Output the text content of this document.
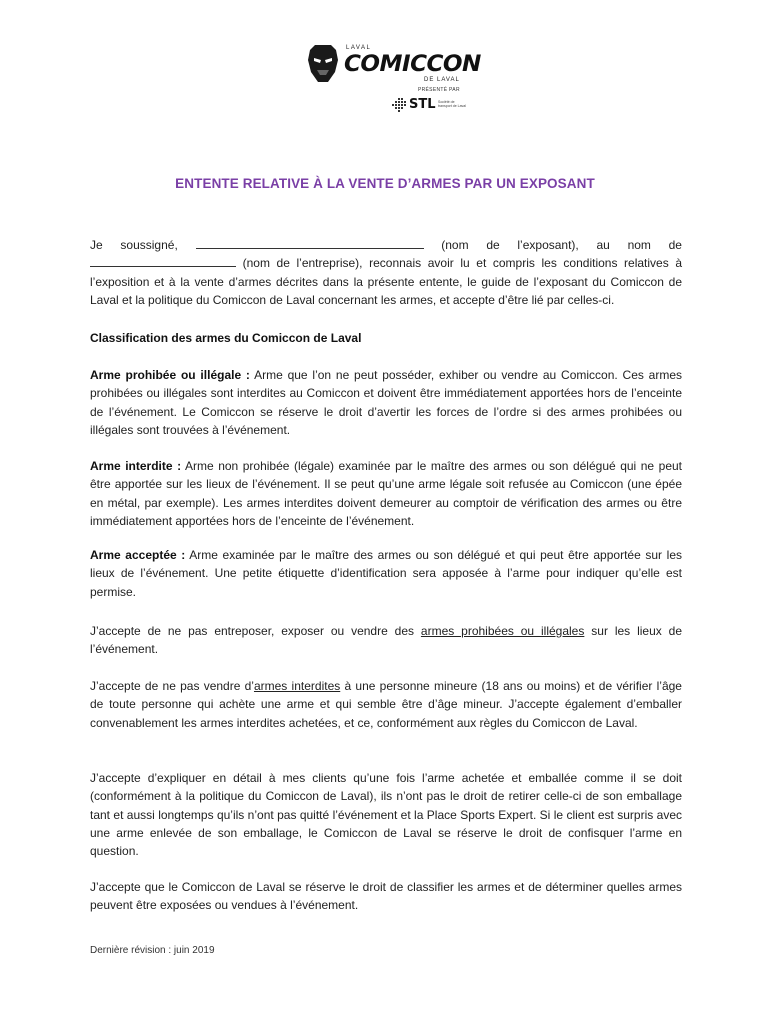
LAVAL
COMICCON
DE LAVAL
PRÉSENTÉ PAR
STL Société de transport de Laval
ENTENTE RELATIVE À LA VENTE D’ARMES PAR UN EXPOSANT
Je soussigné,	(nom de l’exposant), au nom de
(nom de l’entreprise), reconnais avoir lu et compris les conditions relatives à l’exposition et à la vente d’armes décrites dans la présente entente, le guide de l’exposant du Comiccon de Laval et la politique du Comiccon de Laval concernant les armes, et accepte d’être lié par celles-ci.
Classification des armes du Comiccon de Laval
Arme prohibée ou illégale : Arme que l’on ne peut posséder, exhiber ou vendre au Comiccon. Ces armes prohibées ou illégales sont interdites au Comiccon et doivent être immédiatement apportées hors de l’enceinte de l’événement. Le Comiccon se réserve le droit d’avertir les forces de l’ordre si des armes prohibées ou illégales sont trouvées à l’événement.
Arme interdite : Arme non prohibée (légale) examinée par le maître des armes ou son délégué qui ne peut être apportée sur les lieux de l’événement. Il se peut qu’une arme légale soit refusée au Comiccon (une épée en métal, par exemple). Les armes interdites doivent demeurer au comptoir de vérification des armes ou être immédiatement apportées hors de l’enceinte de l’événement.
Arme acceptée : Arme examinée par le maître des armes ou son délégué et qui peut être apportée sur les lieux de l’événement. Une petite étiquette d’identification sera apposée à l’arme pour indiquer qu’elle est permise.
J’accepte de ne pas entreposer, exposer ou vendre des armes prohibées ou illégales sur les lieux de l’événement.
J’accepte de ne pas vendre d’armes interdites à une personne mineure (18 ans ou moins) et de vérifier l’âge de toute personne qui achète une arme et qui semble être d’âge mineur. J’accepte également d’emballer convenablement les armes interdites achetées, et ce, conformément aux règles du Comiccon de Laval.
J’accepte d’expliquer en détail à mes clients qu’une fois l’arme achetée et emballée comme il se doit (conformément à la politique du Comiccon de Laval), ils n’ont pas le droit de retirer celle-ci de son emballage tant et aussi longtemps qu’ils n’ont pas quitté l’événement et la Place Sports Expert. Si le client est surpris avec une arme enlevée de son emballage, le Comiccon de Laval se réserve le droit de confisquer l’arme en question.
J’accepte que le Comiccon de Laval se réserve le droit de classifier les armes et de déterminer quelles armes peuvent être exposées ou vendues à l’événement.
Dernière révision : juin 2019
